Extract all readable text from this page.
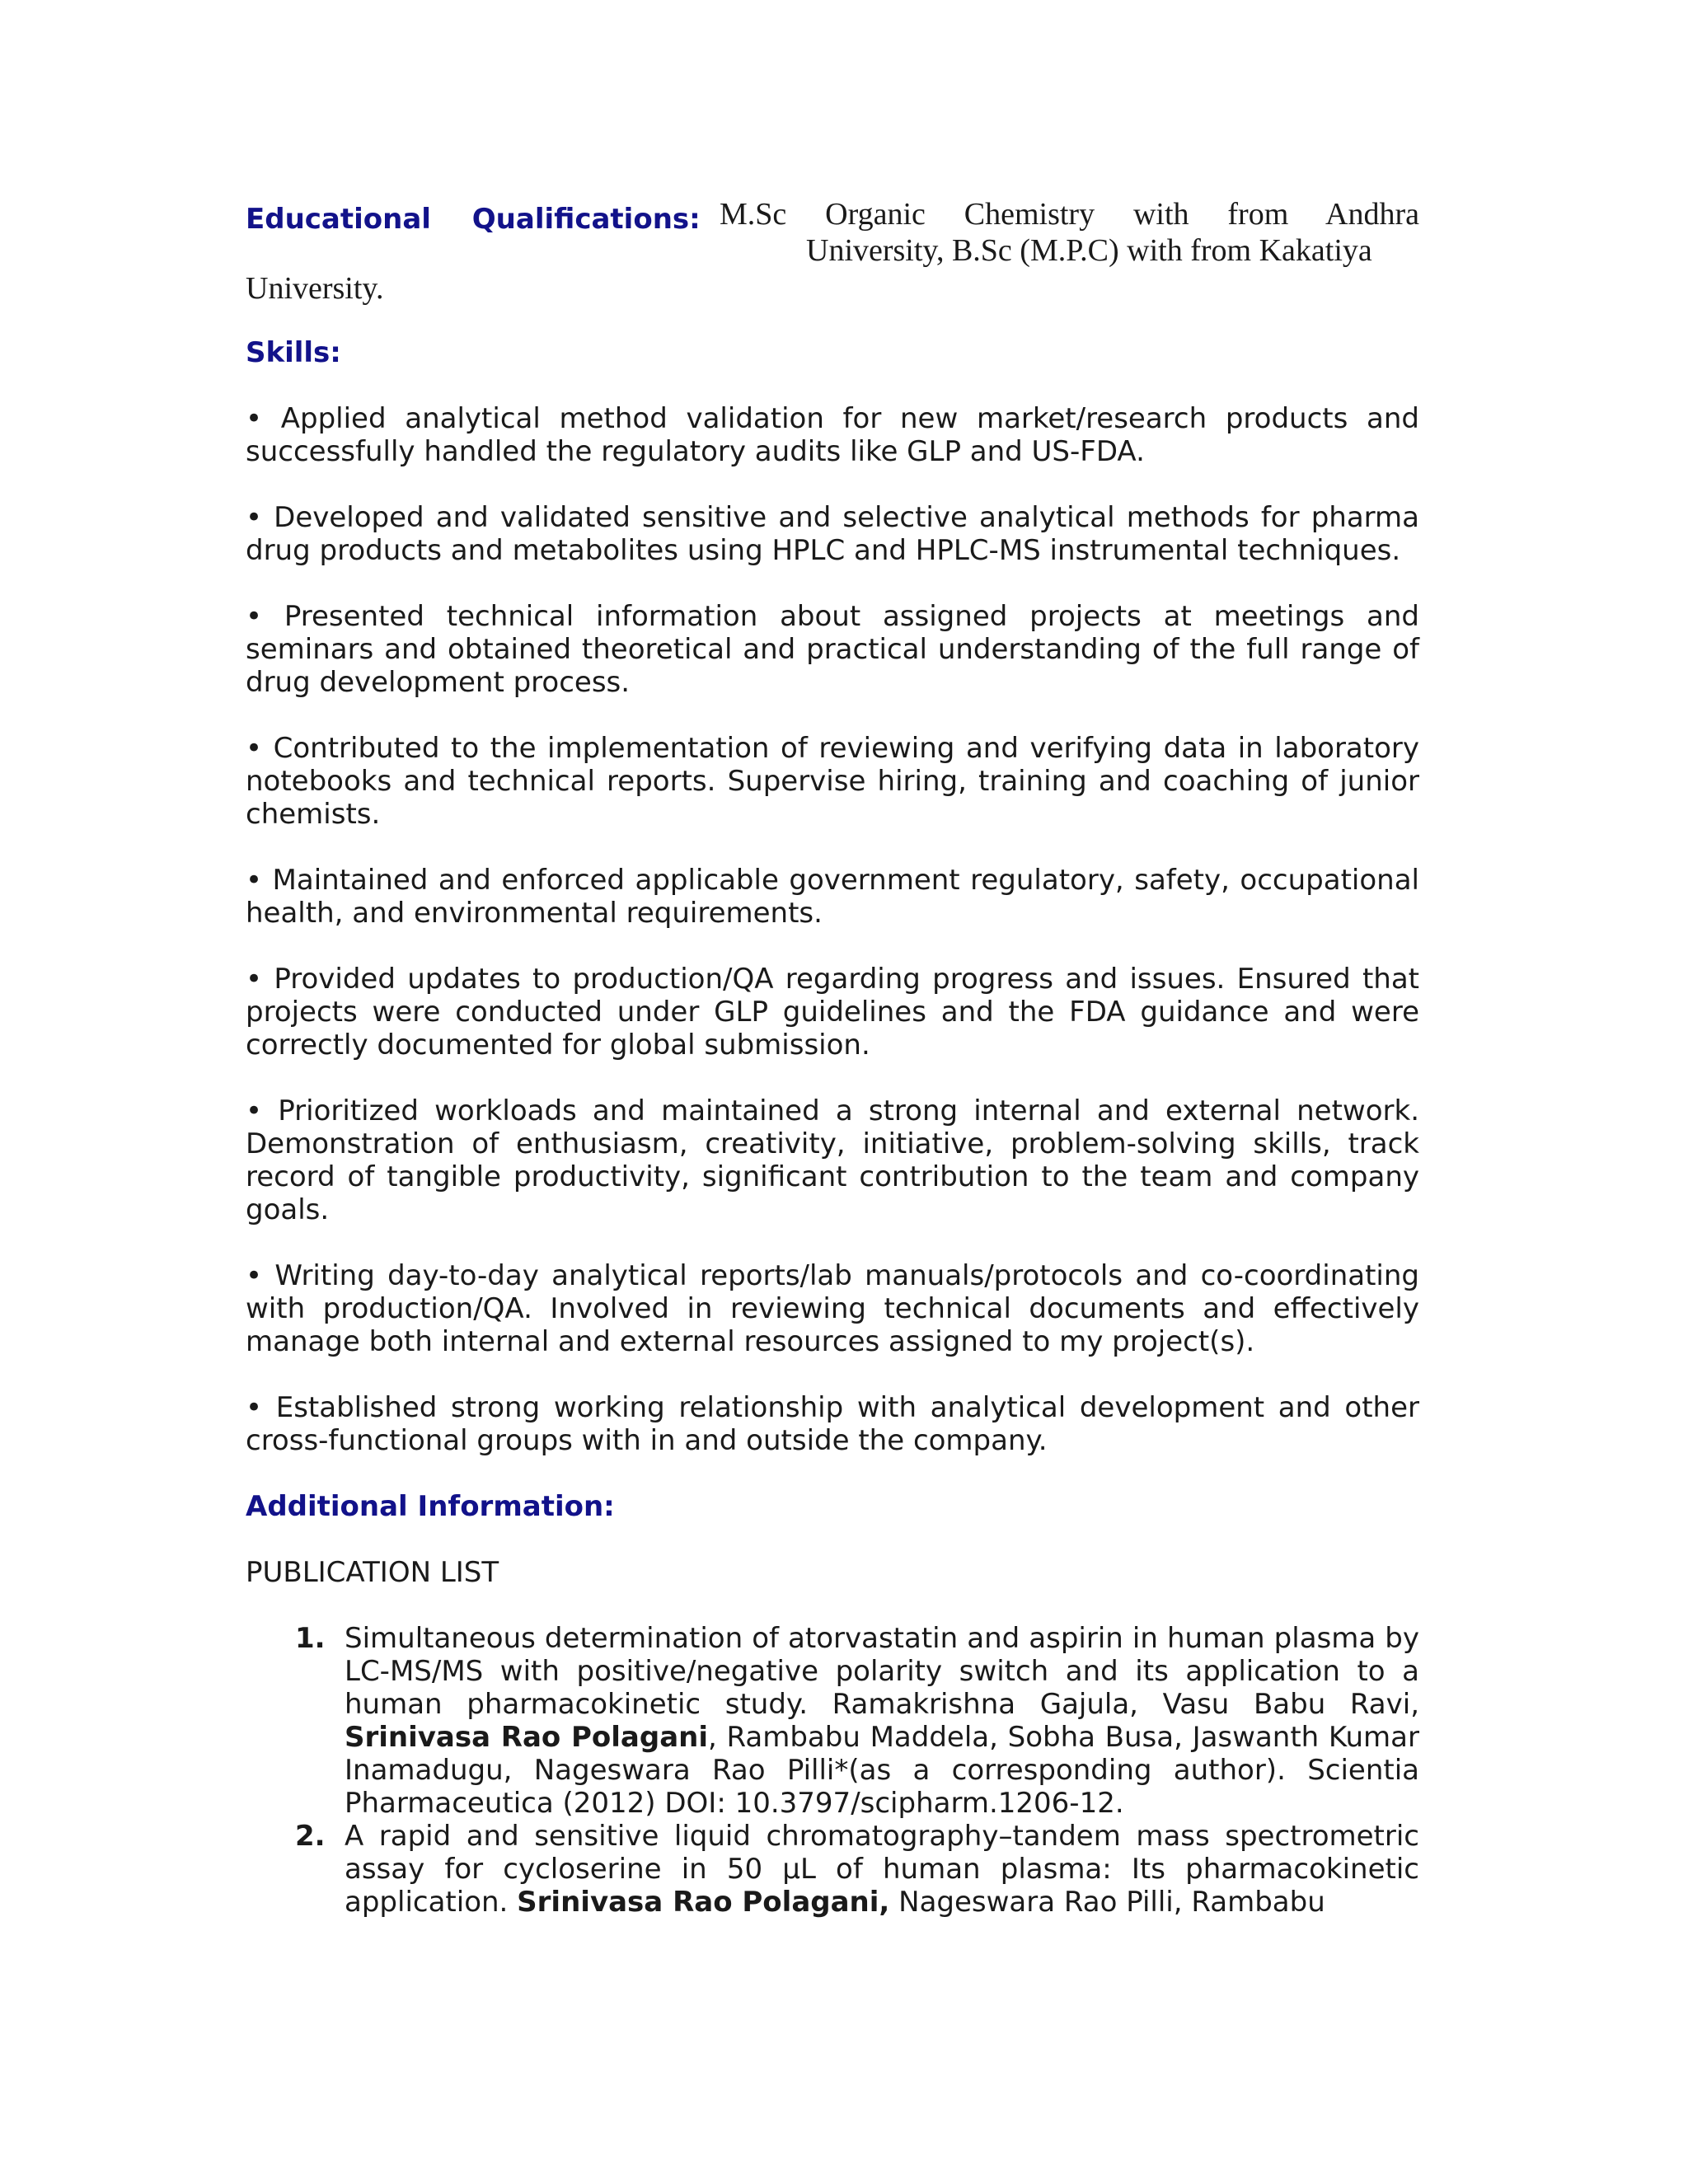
Educational Qualifications: M.Sc Organic Chemistry with from Andhra
University, B.Sc (M.P.C) with from Kakatiya
University.
Skills:

• Applied analytical method validation for new market/research products and successfully handled the regulatory audits like GLP and US-FDA.

• Developed and validated sensitive and selective analytical methods for pharma drug products and metabolites using HPLC and HPLC-MS instrumental techniques.

• Presented technical information about assigned projects at meetings and seminars and obtained theoretical and practical understanding of the full range of drug development process.

• Contributed to the implementation of reviewing and verifying data in laboratory notebooks and technical reports. Supervise hiring, training and coaching of junior chemists.

• Maintained and enforced applicable government regulatory, safety, occupational health, and environmental requirements.

• Provided updates to production/QA regarding progress and issues. Ensured that projects were conducted under GLP guidelines and the FDA guidance and were correctly documented for global submission.

• Prioritized workloads and maintained a strong internal and external network. Demonstration of enthusiasm, creativity, initiative, problem-solving skills, track record of tangible productivity, significant contribution to the team and company goals.

• Writing day-to-day analytical reports/lab manuals/protocols and co-coordinating with production/QA. Involved in reviewing technical documents and effectively manage both internal and external resources assigned to my project(s).

• Established strong working relationship with analytical development and other cross-functional groups with in and outside the company.

Additional Information:
PUBLICATION LIST
1. Simultaneous determination of atorvastatin and aspirin in human plasma by LC-MS/MS with positive/negative polarity switch and its application to a human pharmacokinetic study. Ramakrishna Gajula, Vasu Babu Ravi, Srinivasa Rao Polagani, Rambabu Maddela, Sobha Busa, Jaswanth Kumar Inamadugu, Nageswara Rao Pilli*(as a corresponding author). Scientia Pharmaceutica (2012) DOI: 10.3797/scipharm.1206-12.
2. A rapid and sensitive liquid chromatography–tandem mass spectrometric assay for cycloserine in 50 μL of human plasma: Its pharmacokinetic application. Srinivasa Rao Polagani, Nageswara Rao Pilli, Rambabu
